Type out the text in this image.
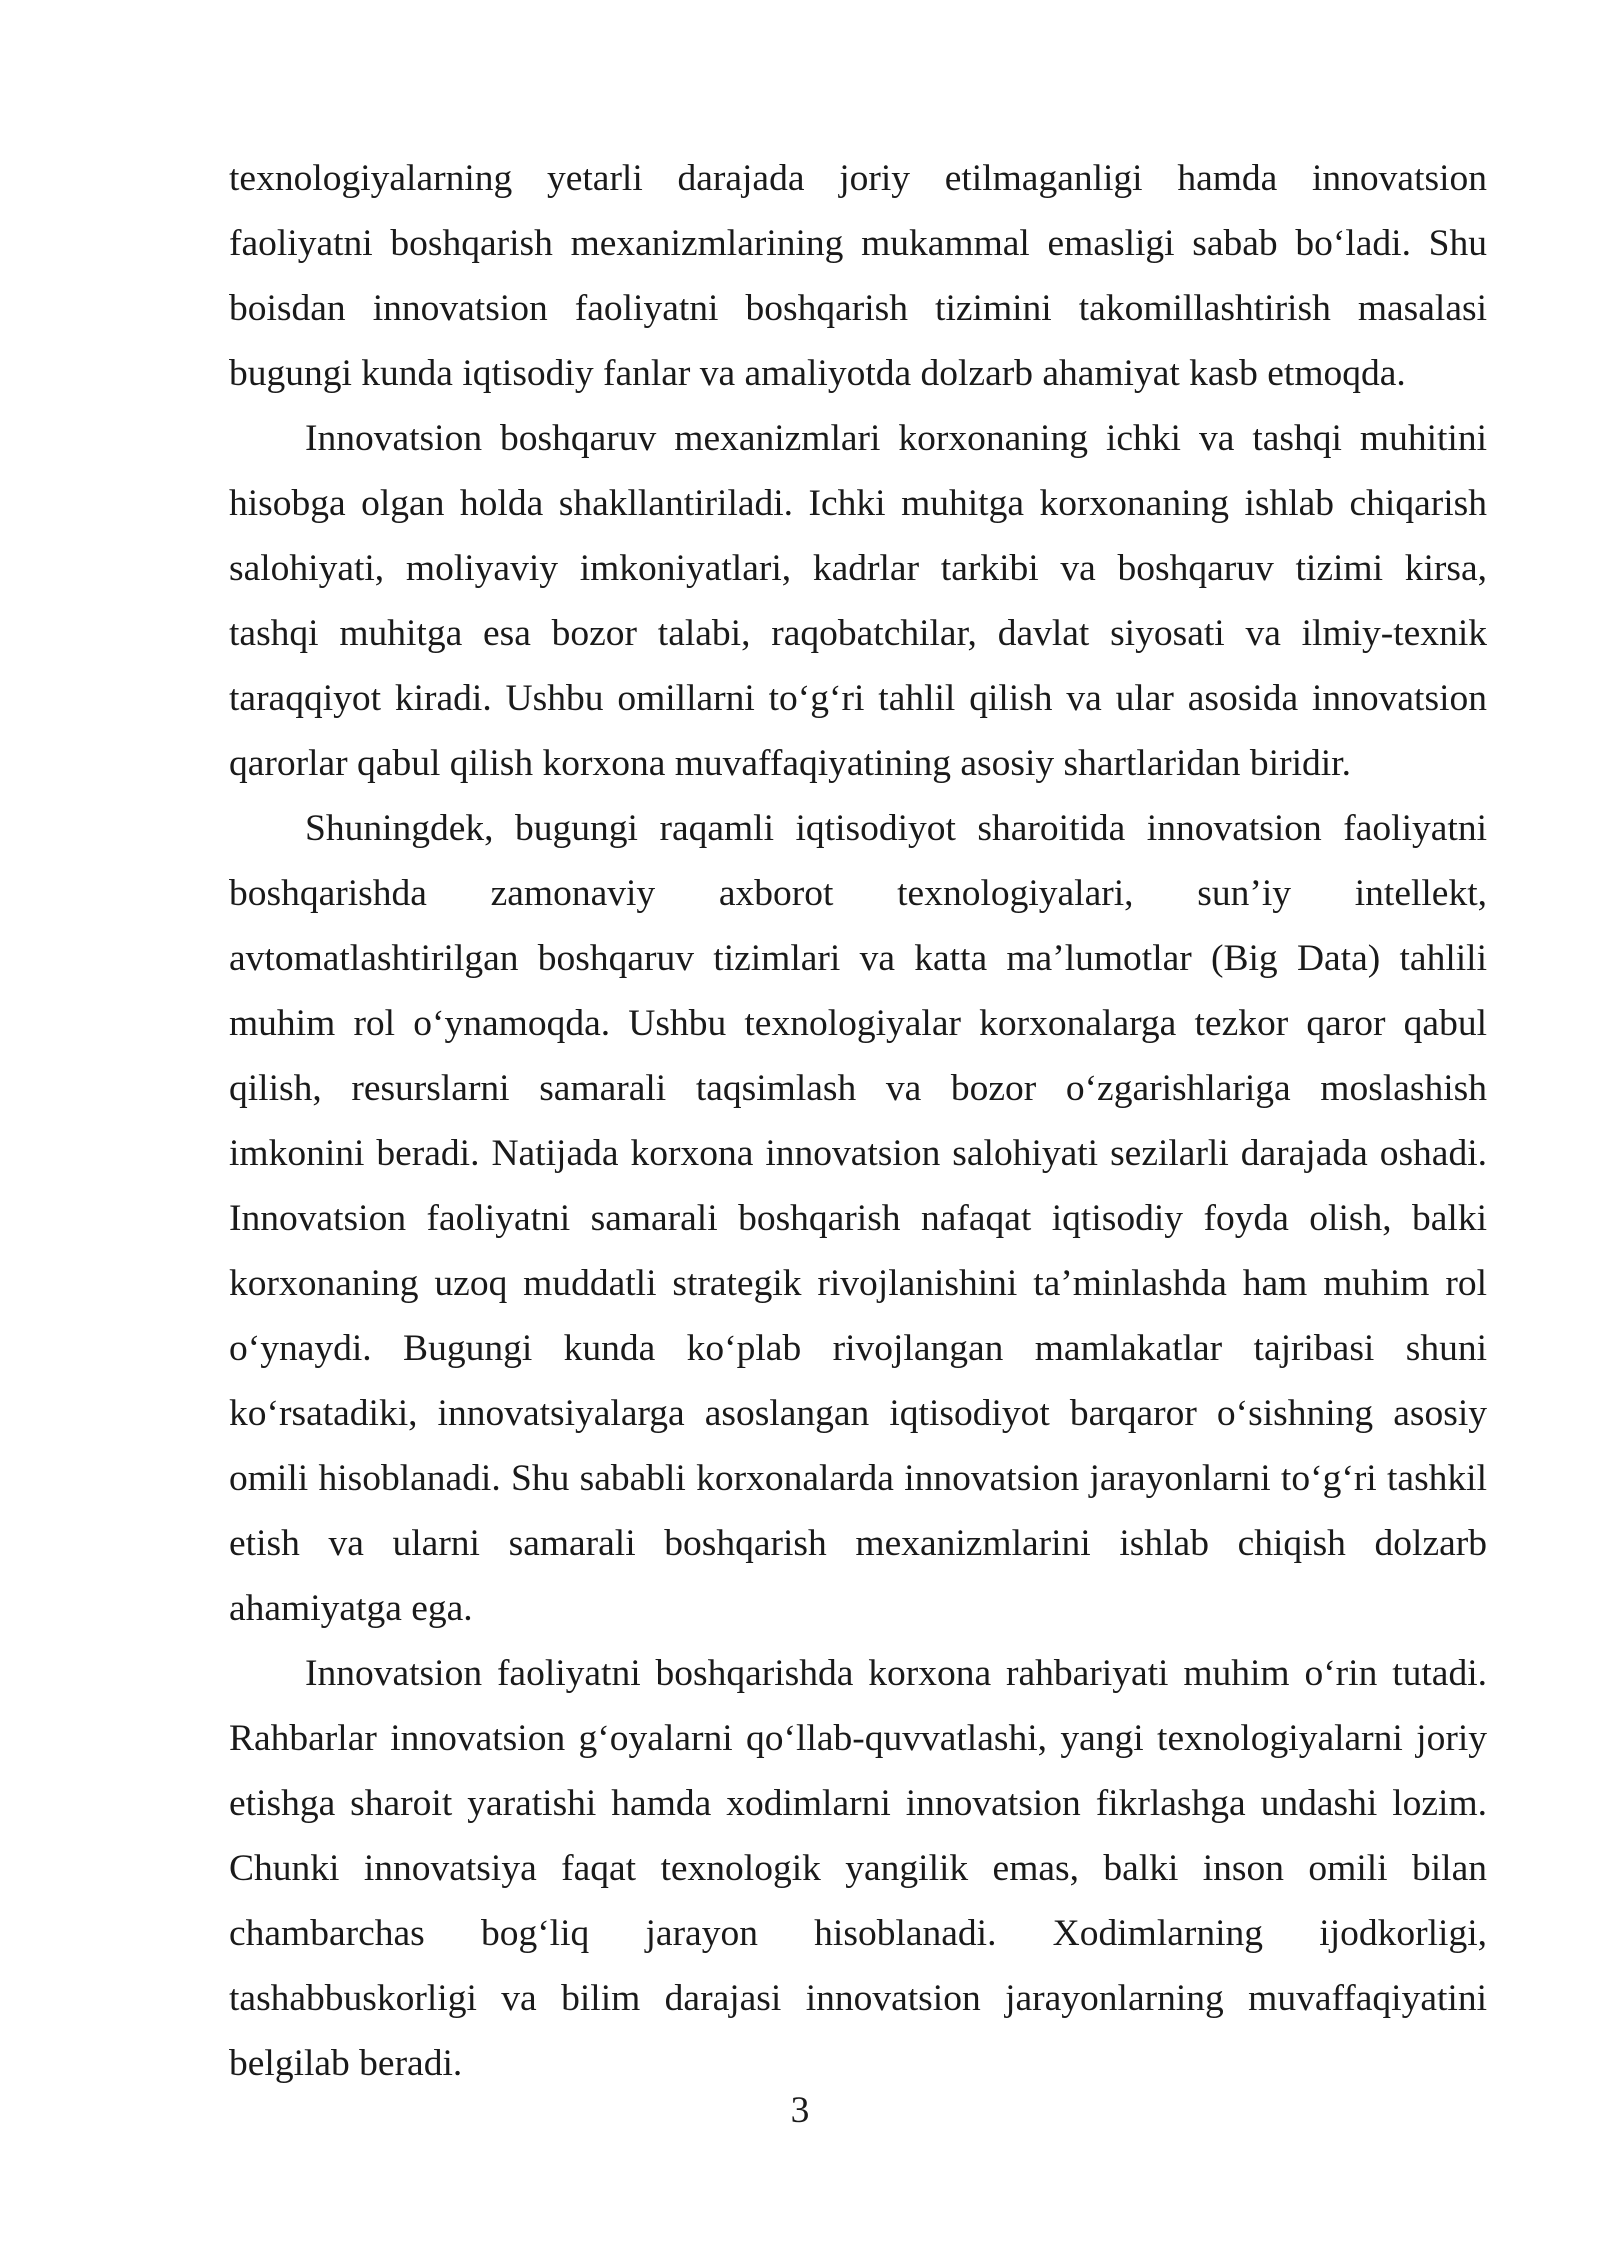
texnologiyalarning yetarli darajada joriy etilmaganligi hamda innovatsion faoliyatni boshqarish mexanizmlarining mukammal emasligi sabab boʻladi. Shu boisdan innovatsion faoliyatni boshqarish tizimini takomillashtirish masalasi bugungi kunda iqtisodiy fanlar va amaliyotda dolzarb ahamiyat kasb etmoqda.

Innovatsion boshqaruv mexanizmlari korxonaning ichki va tashqi muhitini hisobga olgan holda shakllantiriladi. Ichki muhitga korxonaning ishlab chiqarish salohiyati, moliyaviy imkoniyatlari, kadrlar tarkibi va boshqaruv tizimi kirsa, tashqi muhitga esa bozor talabi, raqobatchilar, davlat siyosati va ilmiy-texnik taraqqiyot kiradi. Ushbu omillarni toʻgʻri tahlil qilish va ular asosida innovatsion qarorlar qabul qilish korxona muvaffaqiyatining asosiy shartlaridan biridir.

Shuningdek, bugungi raqamli iqtisodiyot sharoitida innovatsion faoliyatni boshqarishda zamonaviy axborot texnologiyalari, sun’iy intellekt, avtomatlashtirilgan boshqaruv tizimlari va katta ma’lumotlar (Big Data) tahlili muhim rol oʻynamoqda. Ushbu texnologiyalar korxonalarga tezkor qaror qabul qilish, resurslarni samarali taqsimlash va bozor oʻzgarishlariga moslashish imkonini beradi. Natijada korxona innovatsion salohiyati sezilarli darajada oshadi. Innovatsion faoliyatni samarali boshqarish nafaqat iqtisodiy foyda olish, balki korxonaning uzoq muddatli strategik rivojlanishini ta’minlashda ham muhim rol oʻynaydi. Bugungi kunda koʻplab rivojlangan mamlakatlar tajribasi shuni koʻrsatadiki, innovatsiyalarga asoslangan iqtisodiyot barqaror oʻsishning asosiy omili hisoblanadi. Shu sababli korxonalarda innovatsion jarayonlarni toʻgʻri tashkil etish va ularni samarali boshqarish mexanizmlarini ishlab chiqish dolzarb ahamiyatga ega.

Innovatsion faoliyatni boshqarishda korxona rahbariyati muhim oʻrin tutadi. Rahbarlar innovatsion gʻoyalarni qoʻllab-quvvatlashi, yangi texnologiyalarni joriy etishga sharoit yaratishi hamda xodimlarni innovatsion fikrlashga undashi lozim. Chunki innovatsiya faqat texnologik yangilik emas, balki inson omili bilan chambarchas bogʻliq jarayon hisoblanadi. Xodimlarning ijodkorligi, tashabbuskorligi va bilim darajasi innovatsion jarayonlarning muvaffaqiyatini belgilab beradi.

3
